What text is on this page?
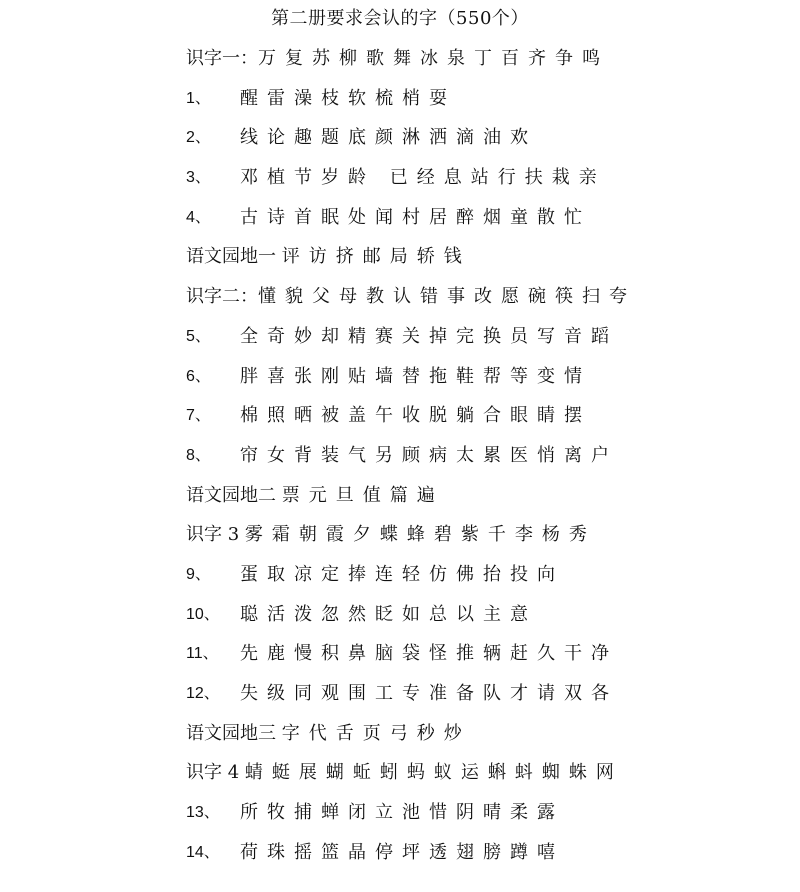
第二册要求会认的字（550个）
识字一：万复苏柳歌舞冰泉丁百齐争鸣
1、 醒雷澡枝软梳梢耍
2、 线论趣题底颜淋洒滴油欢
3、 邓植节岁龄 已经息站行扶栽亲
4、 古诗首眠处闻村居醉烟童散忙
语文园地一 评访挤邮局轿钱
识字二：懂貌父母教认错事改愿碗筷扫夸
5、 全奇妙却精赛关掉完换员写音蹈
6、 胖喜张刚贴墙替拖鞋帮等变情
7、 棉照晒被盖午收脱躺合眼睛摆
8、 帘女背装气另顾病太累医悄离户
语文园地二 票元旦值篇遍
识字 3 雾霜朝霞夕蝶蜂碧紫千李杨秀
9、 蛋取凉定捧连轻仿佛抬投向
10、 聪活泼忽然眨如总以主意
11、 先鹿慢积鼻脑袋怪推辆赶久干净
12、 失级同观围工专准备队才请双各
语文园地三 字代舌页弓秒炒
识字 4 蜻蜓展蝴蚯蚓蚂蚁运蝌蚪蜘蛛网
13、 所牧捕蝉闭立池惜阴晴柔露
14、 荷珠摇篮晶停坪透翅膀蹲嘻
